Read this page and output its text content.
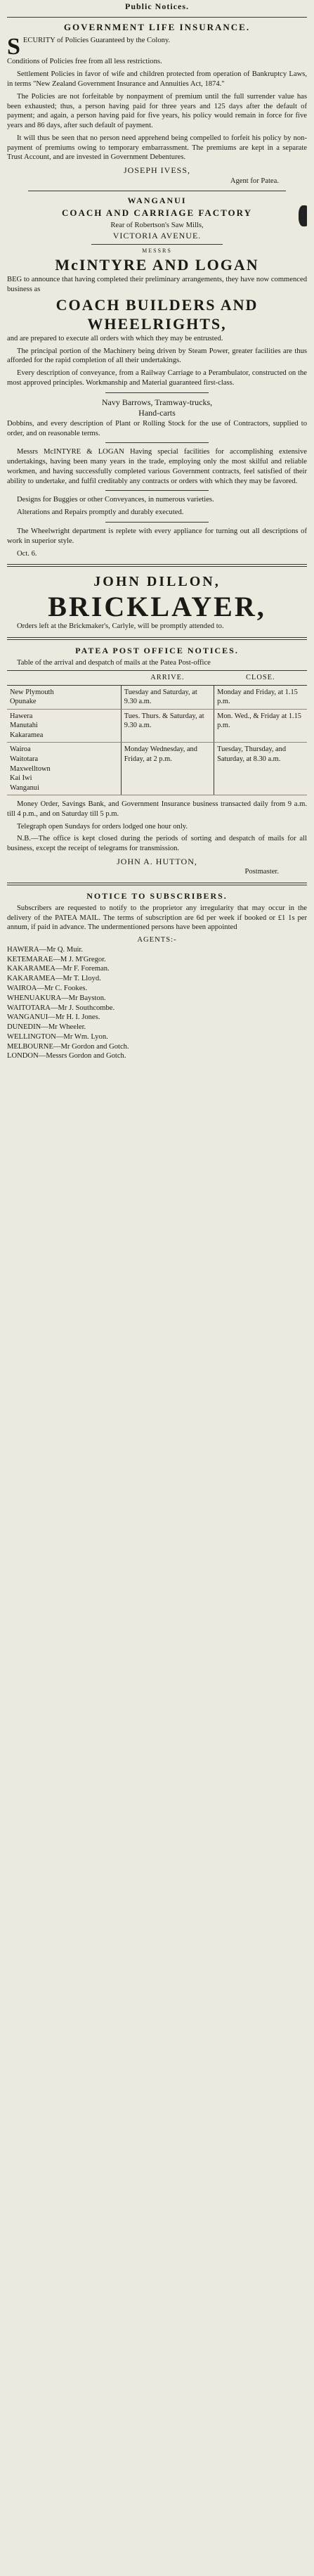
Public Notices.
GOVERNMENT LIFE INSURANCE.
S ECURITY of Policies Guaranteed by the Colony.

Conditions of Policies free from all less restrictions.

Settlement Policies in favor of wife and children protected from operation of Bankruptcy Laws, in terms "New Zealand Government Insurance and Annuities Act, 1874."

The Policies are not forfeitable by nonpayment of premium until the full surrender value has been exhausted; thus, a person having paid for three years and 125 days after the default of payment; and again, a person having paid for five years, his policy would remain in force for five years and 86 days, after such default of payment.

It will thus be seen that no person need apprehend being compelled to forfeit his policy by non-payment of premiums owing to temporary embarrassment. The premiums are kept in a separate Trust Account, and are invested in Government Debentures.

JOSEPH IVESS,
Agent for Patea.
WANGANUI
COACH AND CARRIAGE FACTORY
Rear of Robertson's Saw Mills,
VICTORIA AVENUE.
MESSRS
McINTYRE AND LOGAN

BEG to announce that having completed their preliminary arrangements, they have now commenced business as

COACH BUILDERS AND
WHEELRIGHTS,

and are prepared to execute all orders with which they may be entrusted.

The principal portion of the Machinery being driven by Steam Power, greater facilities are thus afforded for the rapid completion of all their undertakings.

Every description of conveyance, from a Railway Carriage to a Perambulator, constructed on the most approved principles. Workmanship and Material guaranteed first-class.

Navy Barrows, Tramway-trucks,
Hand-carts

Dobbins, and every description of Plant or Rolling Stock for the use of Contractors, supplied to order, and on reasonable terms.

Messrs McINTYRE & LOGAN Having special facilities for accomplishing extensive undertakings, having been many years in the trade, employing only the most skilful and reliable workmen, and having successfully completed various Government contracts, feel satisfied of their ability to undertake, and fulfil creditably any contracts or orders with which they may be favored.

Designs for Buggies or other Conveyances, in numerous varieties.

Alterations and Repairs promptly and durably executed.

The Wheelwright department is replete with every appliance for turning out all descriptions of work in superior style.

Oct. 6.
JOHN DILLON,
BRICKLAYER,

Orders left at the Brickmaker's, Carlyle, will be promptly attended to.

PATEA POST OFFICE NOTICES.

Table of the arrival and despatch of mails at the Patea Post-office

	ARRIVE.	CLOSE.

New Plymouth
Opunake	Tuesday and Saturday, at 9.30 a.m.	Monday and Friday, at 1.15 p.m.

Hawera
Manutahi
Kakaramea	Tues. Thurs. & Saturday, at 9.30 a.m.	Mon. Wed., & Friday at 1.15 p.m.

Wairoa
Waitotara
Maxwelltown
Kai Iwi
Wanganui	Monday Wednesday, and Friday, at 2 p.m.	Tuesday, Thursday, and Saturday, at 8.30 a.m.

Money Order, Savings Bank, and Government Insurance business transacted daily from 9 a.m. till 4 p.m., and on Saturday till 5 p.m.

Telegraph open Sundays for orders lodged one hour only.

N.B.—The office is kept closed during the periods of sorting and despatch of mails for all business, except the receipt of telegrams for transmission.

JOHN A. HUTTON,
Postmaster.
NOTICE TO SUBSCRIBERS.

Subscribers are requested to notify to the proprietor any irregularity that may occur in the delivery of the PATEA MAIL. The terms of subscription are 6d per week if booked or £1 1s per annum, if paid in advance. The undermentioned persons have been appointed

AGENTS:-

HAWERA—Mr Q. Muir.

KETEMARAE—M J. M'Gregor.

KAKARAMEA—Mr F. Foreman.

KAKARAMEA—Mr T. Lloyd.

WAIROA—Mr C. Fookes.

WHENUAKURA—Mr Bayston.

WAITOTARA—Mr J. Southcombe.

WANGANUI—Mr H. I. Jones.

DUNEDIN—Mr Wheeler.

WELLINGTON—Mr Wm. Lyon.

MELBOURNE—Mr Gordon and Gotch.

LONDON—Messrs Gordon and Gotch.
